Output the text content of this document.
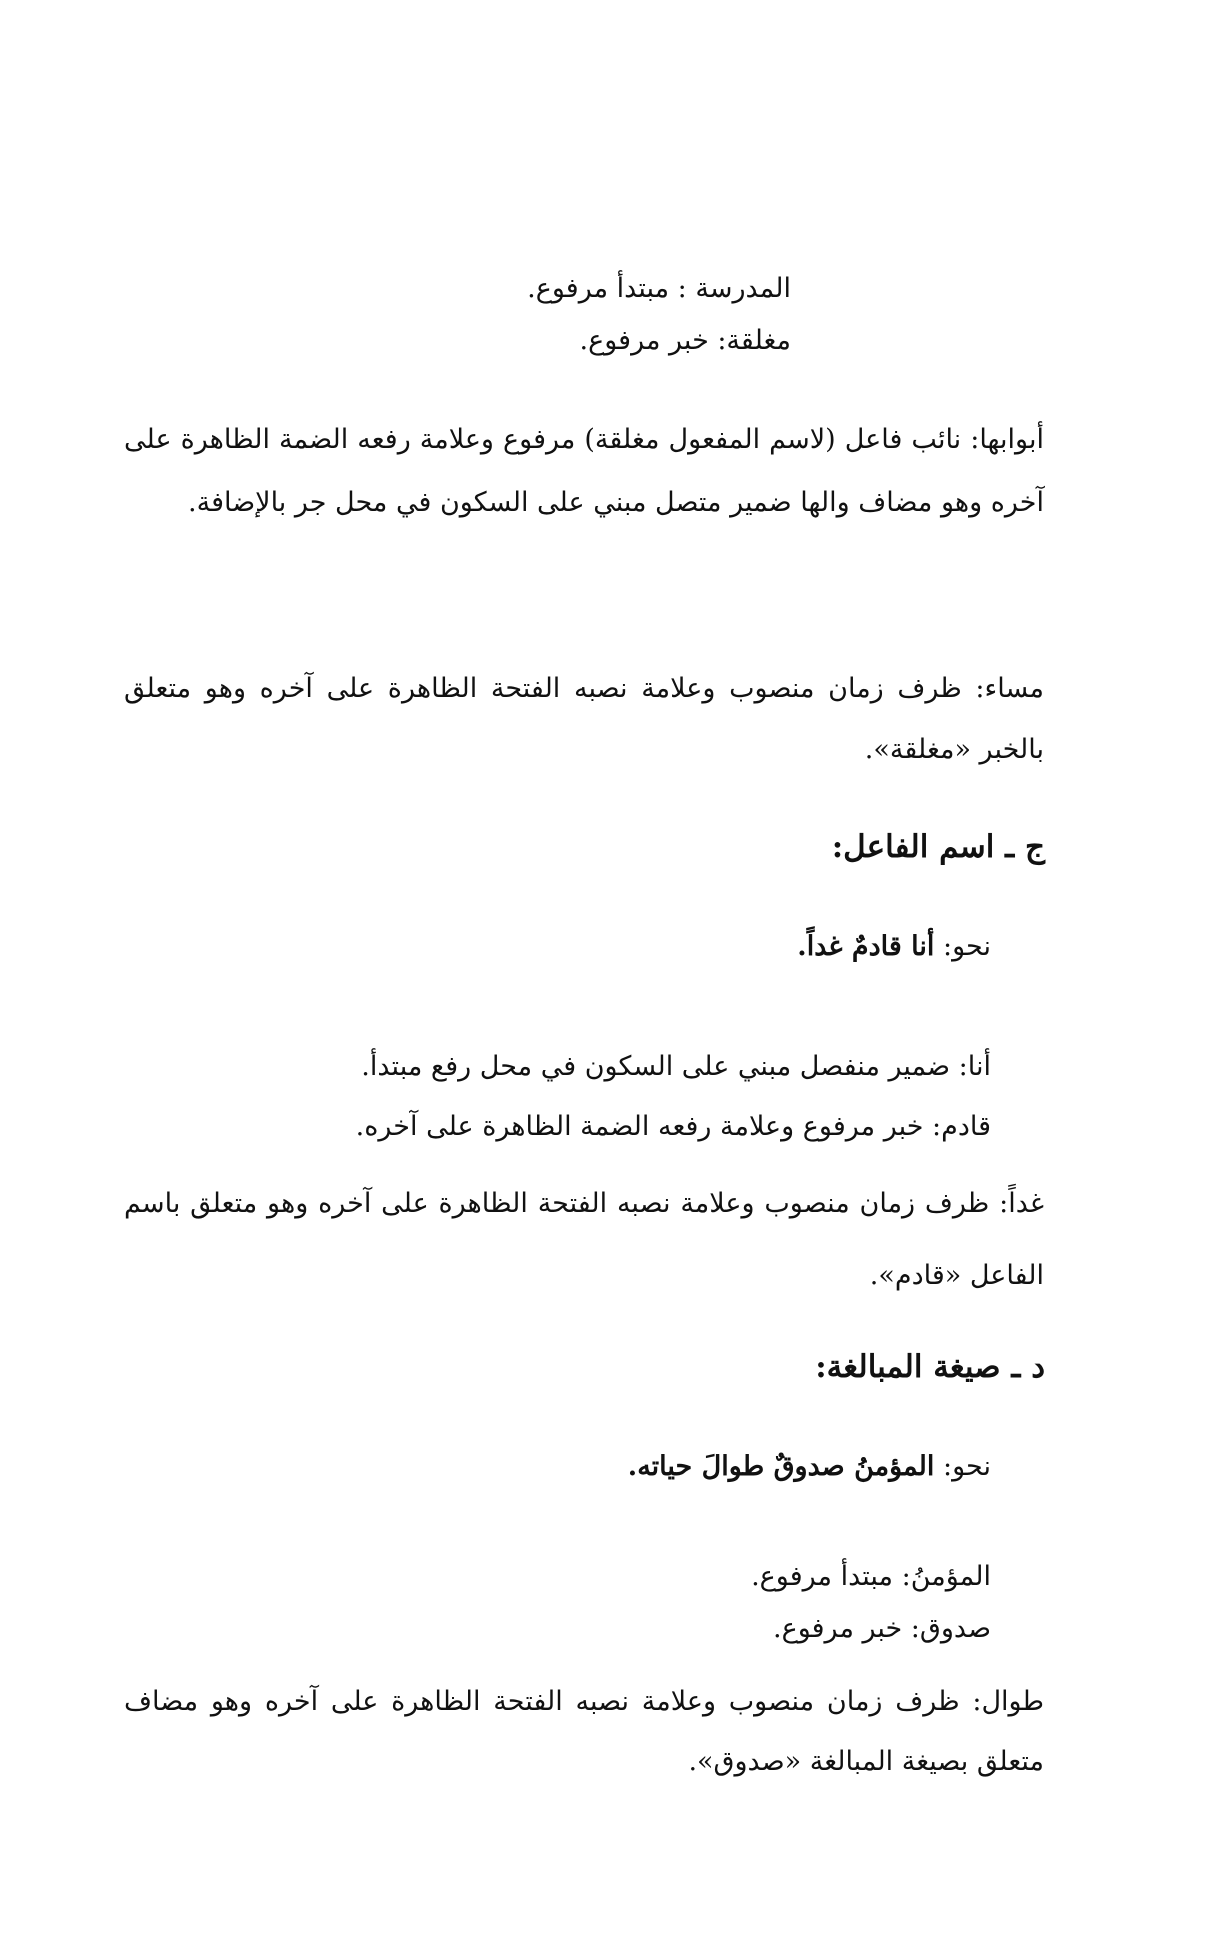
المدرسة : مبتدأ مرفوع.
مغلقة: خبر مرفوع.
أبوابها: نائب فاعل (لاسم المفعول مغلقة) مرفوع وعلامة رفعه الضمة الظاهرة على آخره وهو مضاف والها ضمير متصل مبني على السكون في محل جر بالإضافة.
مساء: ظرف زمان منصوب وعلامة نصبه الفتحة الظاهرة على آخره وهو متعلق بالخبر «مغلقة».
ج ـ اسم الفاعل:
نحو: أنا قادمٌ غداً.
أنا: ضمير منفصل مبني على السكون في محل رفع مبتدأ.
قادم: خبر مرفوع وعلامة رفعه الضمة الظاهرة على آخره.
غداً: ظرف زمان منصوب وعلامة نصبه الفتحة الظاهرة على آخره وهو متعلق باسم الفاعل «قادم».
د ـ صيغة المبالغة:
نحو: المؤمنُ صدوقٌ طوالَ حياته.
المؤمنُ: مبتدأ مرفوع.
صدوق: خبر مرفوع.
طوال: ظرف زمان منصوب وعلامة نصبه الفتحة الظاهرة على آخره وهو مضاف متعلق بصيغة المبالغة «صدوق».
